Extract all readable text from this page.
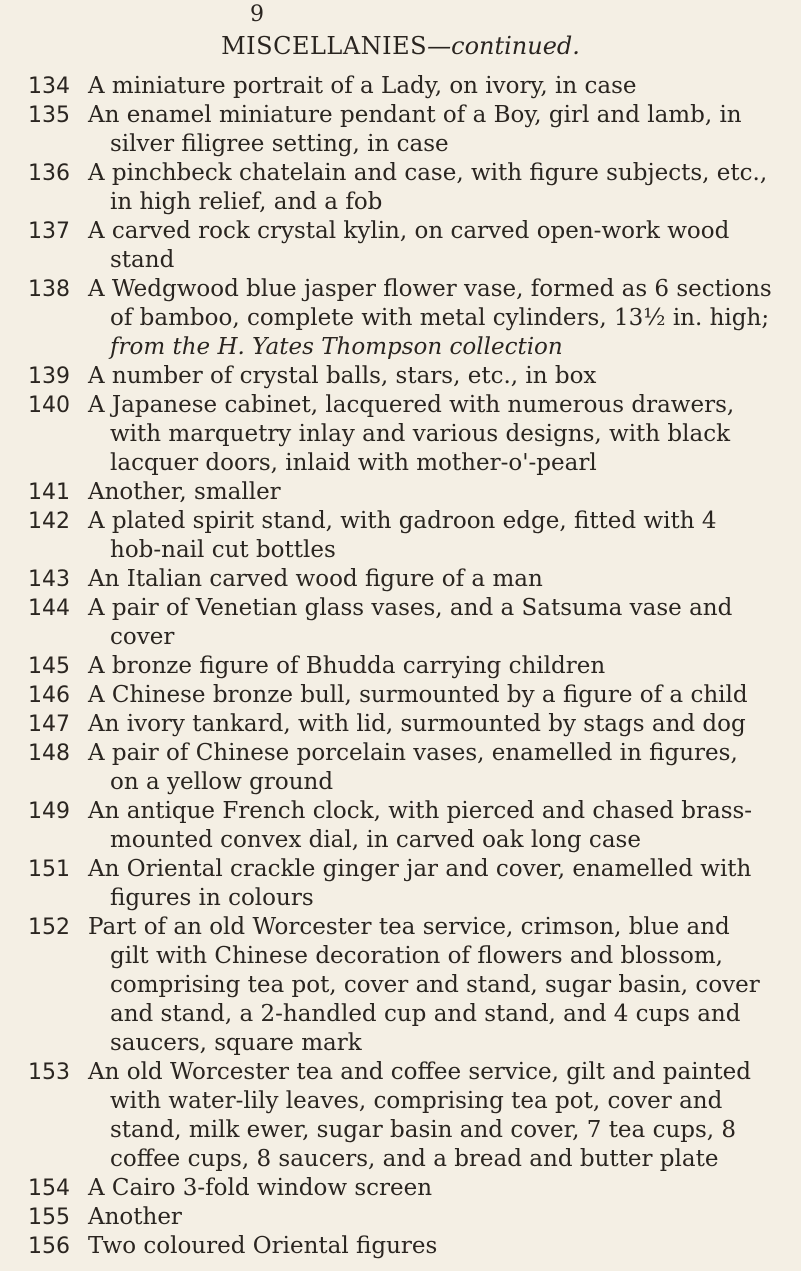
9
MISCELLANIES—continued.
134 A miniature portrait of a Lady, on ivory, in case
135 An enamel miniature pendant of a Boy, girl and lamb, in
silver filigree setting, in case
136 A pinchbeck chatelain and case, with figure subjects, etc.,
in high relief, and a fob
137 A carved rock crystal kylin, on carved open-work wood
stand
138 A Wedgwood blue jasper flower vase, formed as 6 sections
of bamboo, complete with metal cylinders, 13½ in. high;
from the H. Yates Thompson collection
139 A number of crystal balls, stars, etc., in box
140 A Japanese cabinet, lacquered with numerous drawers,
with marquetry inlay and various designs, with black
lacquer doors, inlaid with mother-o'-pearl
141 Another, smaller
142 A plated spirit stand, with gadroon edge, fitted with 4
hob-nail cut bottles
143 An Italian carved wood figure of a man
144 A pair of Venetian glass vases, and a Satsuma vase and
cover
145 A bronze figure of Bhudda carrying children
146 A Chinese bronze bull, surmounted by a figure of a child
147 An ivory tankard, with lid, surmounted by stags and dog
148 A pair of Chinese porcelain vases, enamelled in figures,
on a yellow ground
149 An antique French clock, with pierced and chased brass-
mounted convex dial, in carved oak long case
151 An Oriental crackle ginger jar and cover, enamelled with
figures in colours
152 Part of an old Worcester tea service, crimson, blue and
gilt with Chinese decoration of flowers and blossom,
comprising tea pot, cover and stand, sugar basin, cover
and stand, a 2-handled cup and stand, and 4 cups and
saucers, square mark
153 An old Worcester tea and coffee service, gilt and painted
with water-lily leaves, comprising tea pot, cover and
stand, milk ewer, sugar basin and cover, 7 tea cups, 8
coffee cups, 8 saucers, and a bread and butter plate
154 A Cairo 3-fold window screen
155 Another
156 Two coloured Oriental figures
